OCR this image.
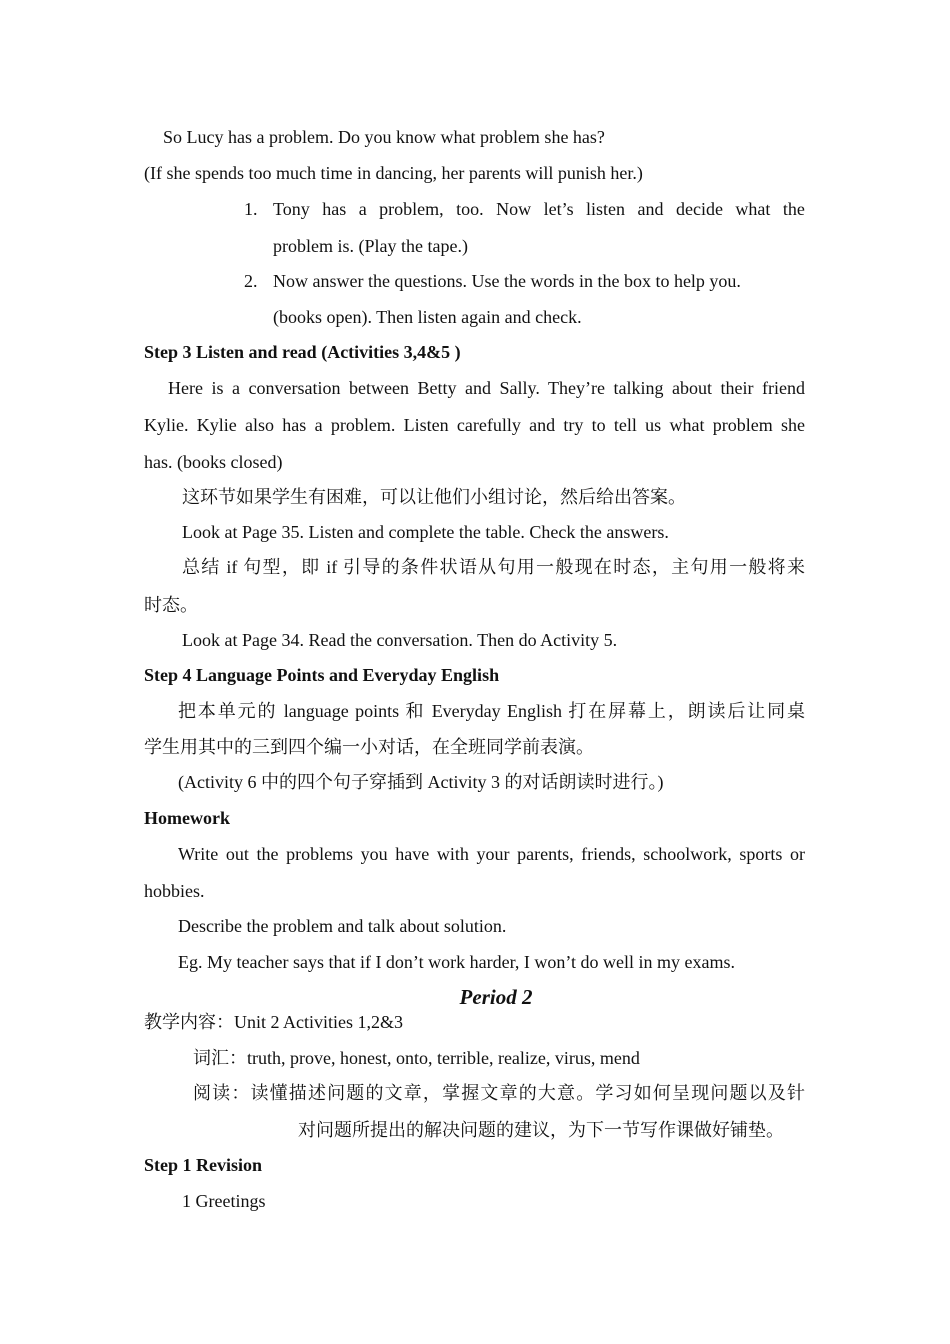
So Lucy has a problem. Do you know what problem she has?
(If she spends too much time in dancing, her parents will punish her.)
1. Tony has a problem, too. Now let’s listen and decide what the
problem is. (Play the tape.)
2. Now answer the questions. Use the words in the box to help you.
(books open). Then listen again and check.
Step 3 Listen and read (Activities 3,4&5 )
Here is a conversation between Betty and Sally. They’re talking about their friend
Kylie. Kylie also has a problem. Listen carefully and try to tell us what problem she
has. (books closed)
这环节如果学生有困难，可以让他们小组讨论，然后给出答案。
Look at Page 35. Listen and complete the table. Check the answers.
总结 if 句型，即 if 引导的条件状语从句用一般现在时态，主句用一般将来
时态。
Look at Page 34. Read the conversation. Then do Activity 5.
Step 4 Language Points and Everyday English
把本单元的 language points 和 Everyday English 打在屏幕上，朗读后让同桌
学生用其中的三到四个编一小对话，在全班同学前表演。
(Activity 6 中的四个句子穿插到 Activity 3 的对话朗读时进行。)
Homework
Write out the problems you have with your parents, friends, schoolwork, sports or
hobbies.
Describe the problem and talk about solution.
Eg. My teacher says that if I don’t work harder, I won’t do well in my exams.
Period 2
教学内容：Unit 2 Activities 1,2&3
词汇：truth, prove, honest, onto, terrible, realize, virus, mend
阅读：读懂描述问题的文章，掌握文章的大意。学习如何呈现问题以及针
对问题所提出的解决问题的建议，为下一节写作课做好铺垫。
Step 1 Revision
1 Greetings
